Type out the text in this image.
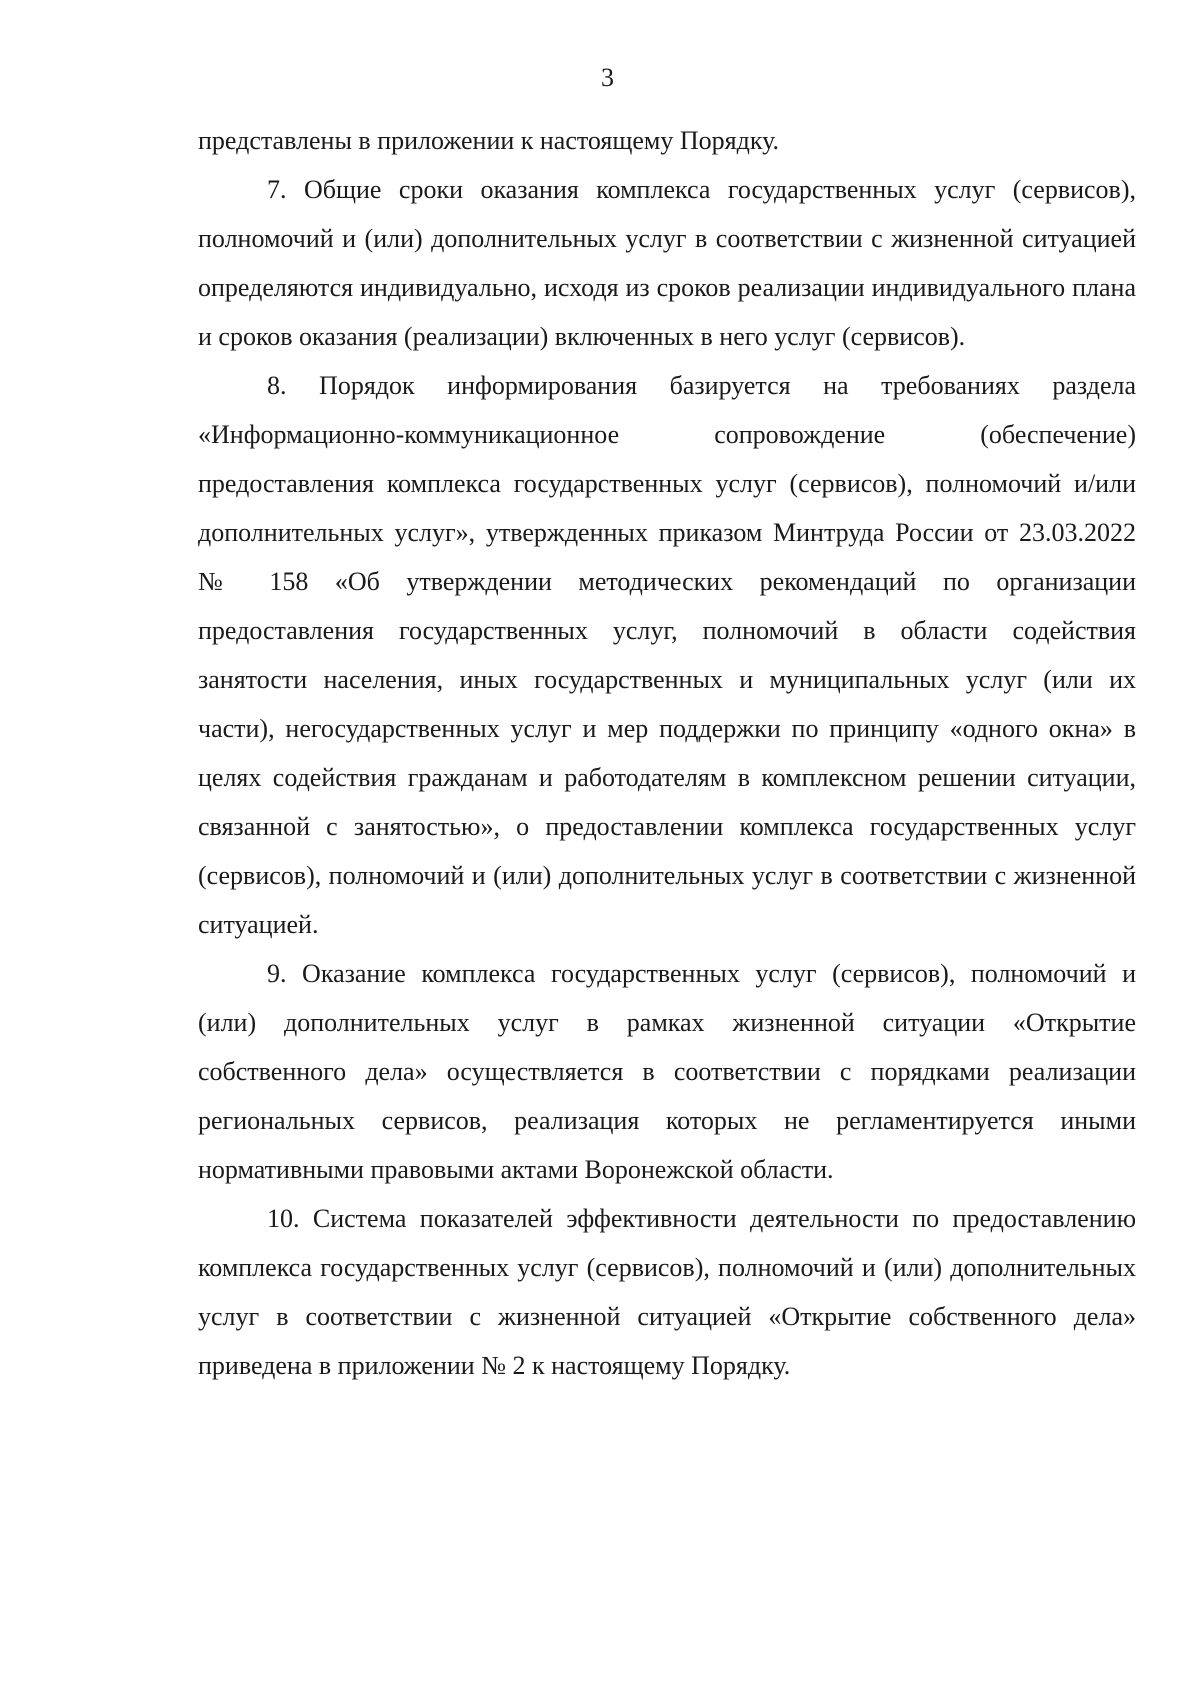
3

представлены в приложении к настоящему Порядку.

7. Общие сроки оказания комплекса государственных услуг (сервисов), полномочий и (или) дополнительных услуг в соответствии с жизненной ситуацией определяются индивидуально, исходя из сроков реализации индивидуального плана и сроков оказания (реализации) включенных в него услуг (сервисов).

8. Порядок информирования базируется на требованиях раздела «Информационно-коммуникационное сопровождение (обеспечение) предоставления комплекса государственных услуг (сервисов), полномочий и/или дополнительных услуг», утвержденных приказом Минтруда России от 23.03.2022 № 158 «Об утверждении методических рекомендаций по организации предоставления государственных услуг, полномочий в области содействия занятости населения, иных государственных и муниципальных услуг (или их части), негосударственных услуг и мер поддержки по принципу «одного окна» в целях содействия гражданам и работодателям в комплексном решении ситуации, связанной с занятостью», о предоставлении комплекса государственных услуг (сервисов), полномочий и (или) дополнительных услуг в соответствии с жизненной ситуацией.

9. Оказание комплекса государственных услуг (сервисов), полномочий и (или) дополнительных услуг в рамках жизненной ситуации «Открытие собственного дела» осуществляется в соответствии с порядками реализации региональных сервисов, реализация которых не регламентируется иными нормативными правовыми актами Воронежской области.

10. Система показателей эффективности деятельности по предоставлению комплекса государственных услуг (сервисов), полномочий и (или) дополнительных услуг в соответствии с жизненной ситуацией «Открытие собственного дела» приведена в приложении № 2 к настоящему Порядку.
